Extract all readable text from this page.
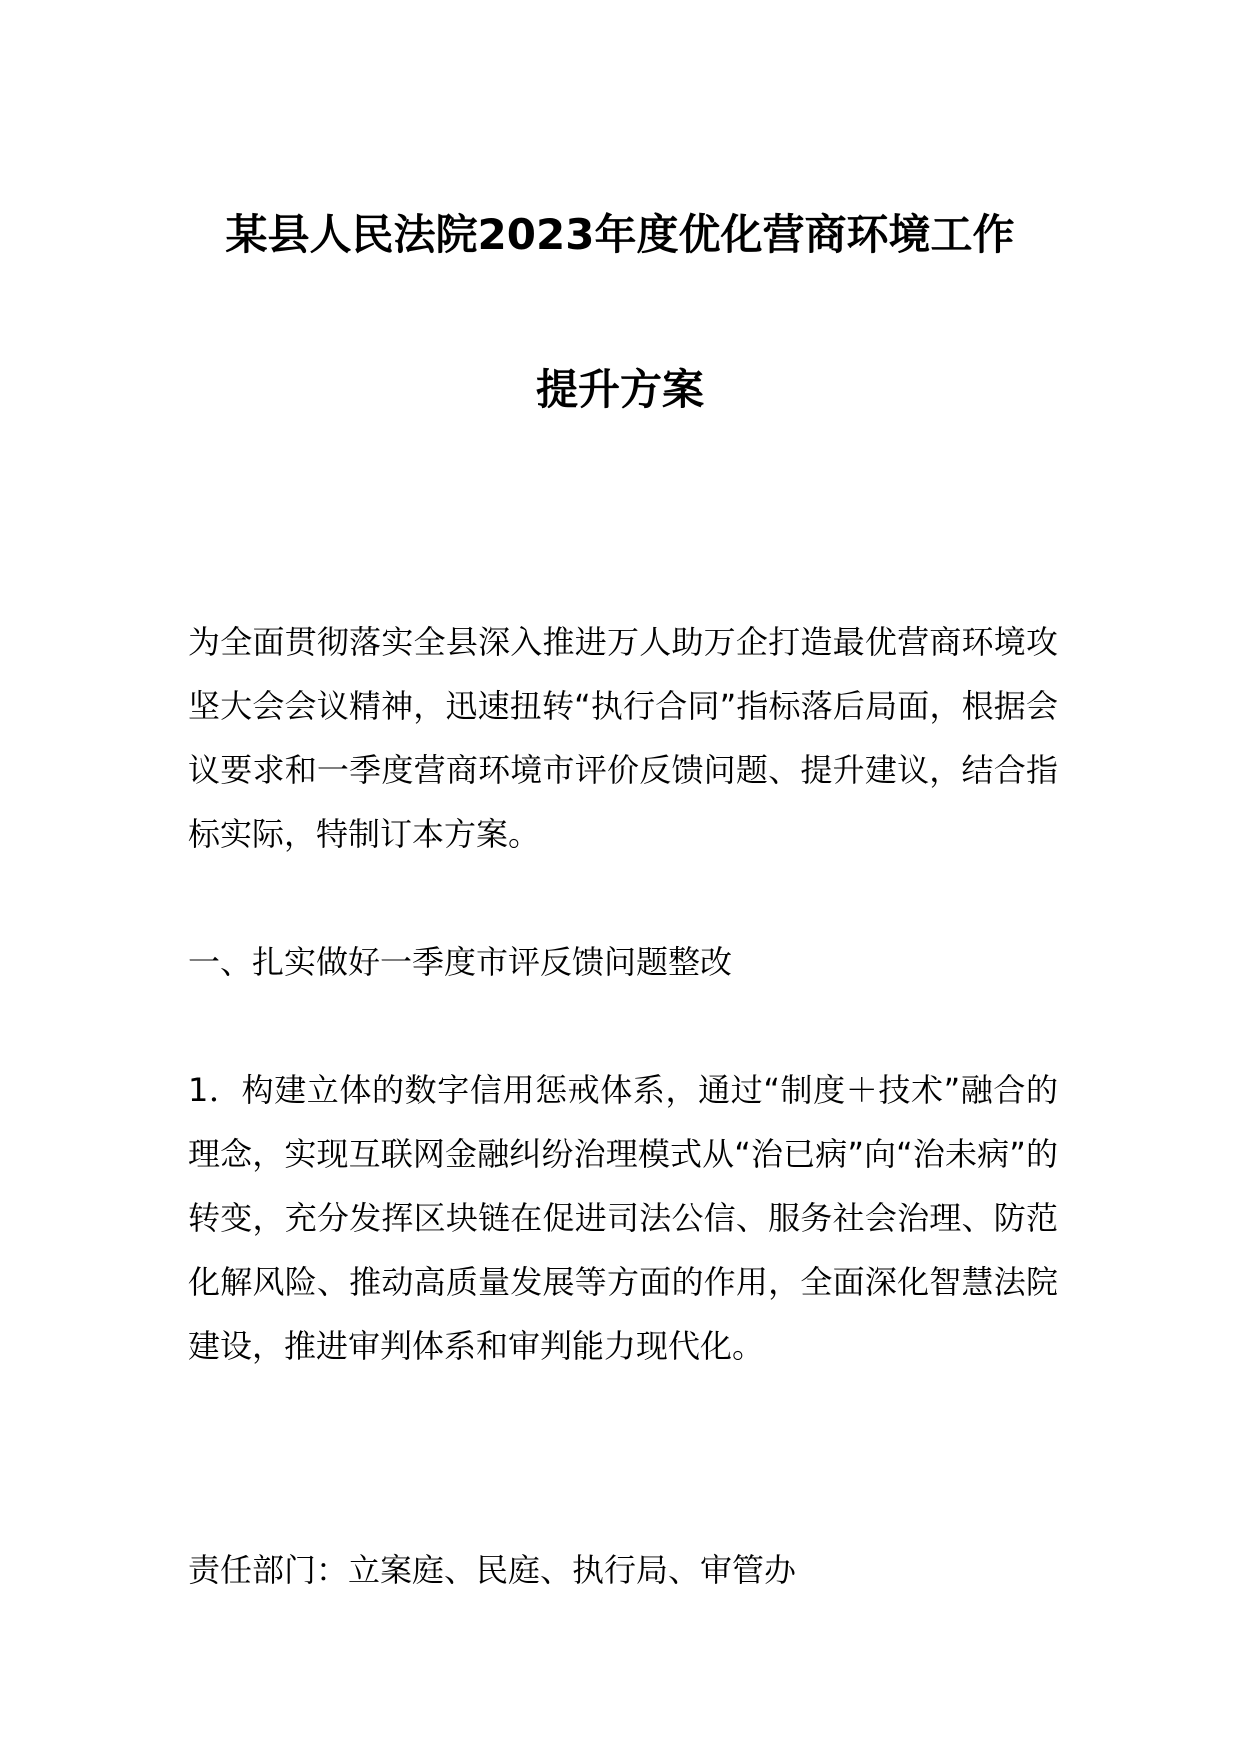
某县人民法院2023年度优化营商环境工作
提升方案

为全面贯彻落实全县深入推进万人助万企打造最优营商环境攻坚大会会议精神，迅速扭转“执行合同”指标落后局面，根据会议要求和一季度营商环境市评价反馈问题、提升建议，结合指标实际，特制订本方案。

一、扎实做好一季度市评反馈问题整改

1．构建立体的数字信用惩戒体系，通过“制度＋技术”融合的理念，实现互联网金融纠纷治理模式从“治已病”向“治未病”的转变，充分发挥区块链在促进司法公信、服务社会治理、防范化解风险、推动高质量发展等方面的作用，全面深化智慧法院建设，推进审判体系和审判能力现代化。

责任部门：立案庭、民庭、执行局、审管办
